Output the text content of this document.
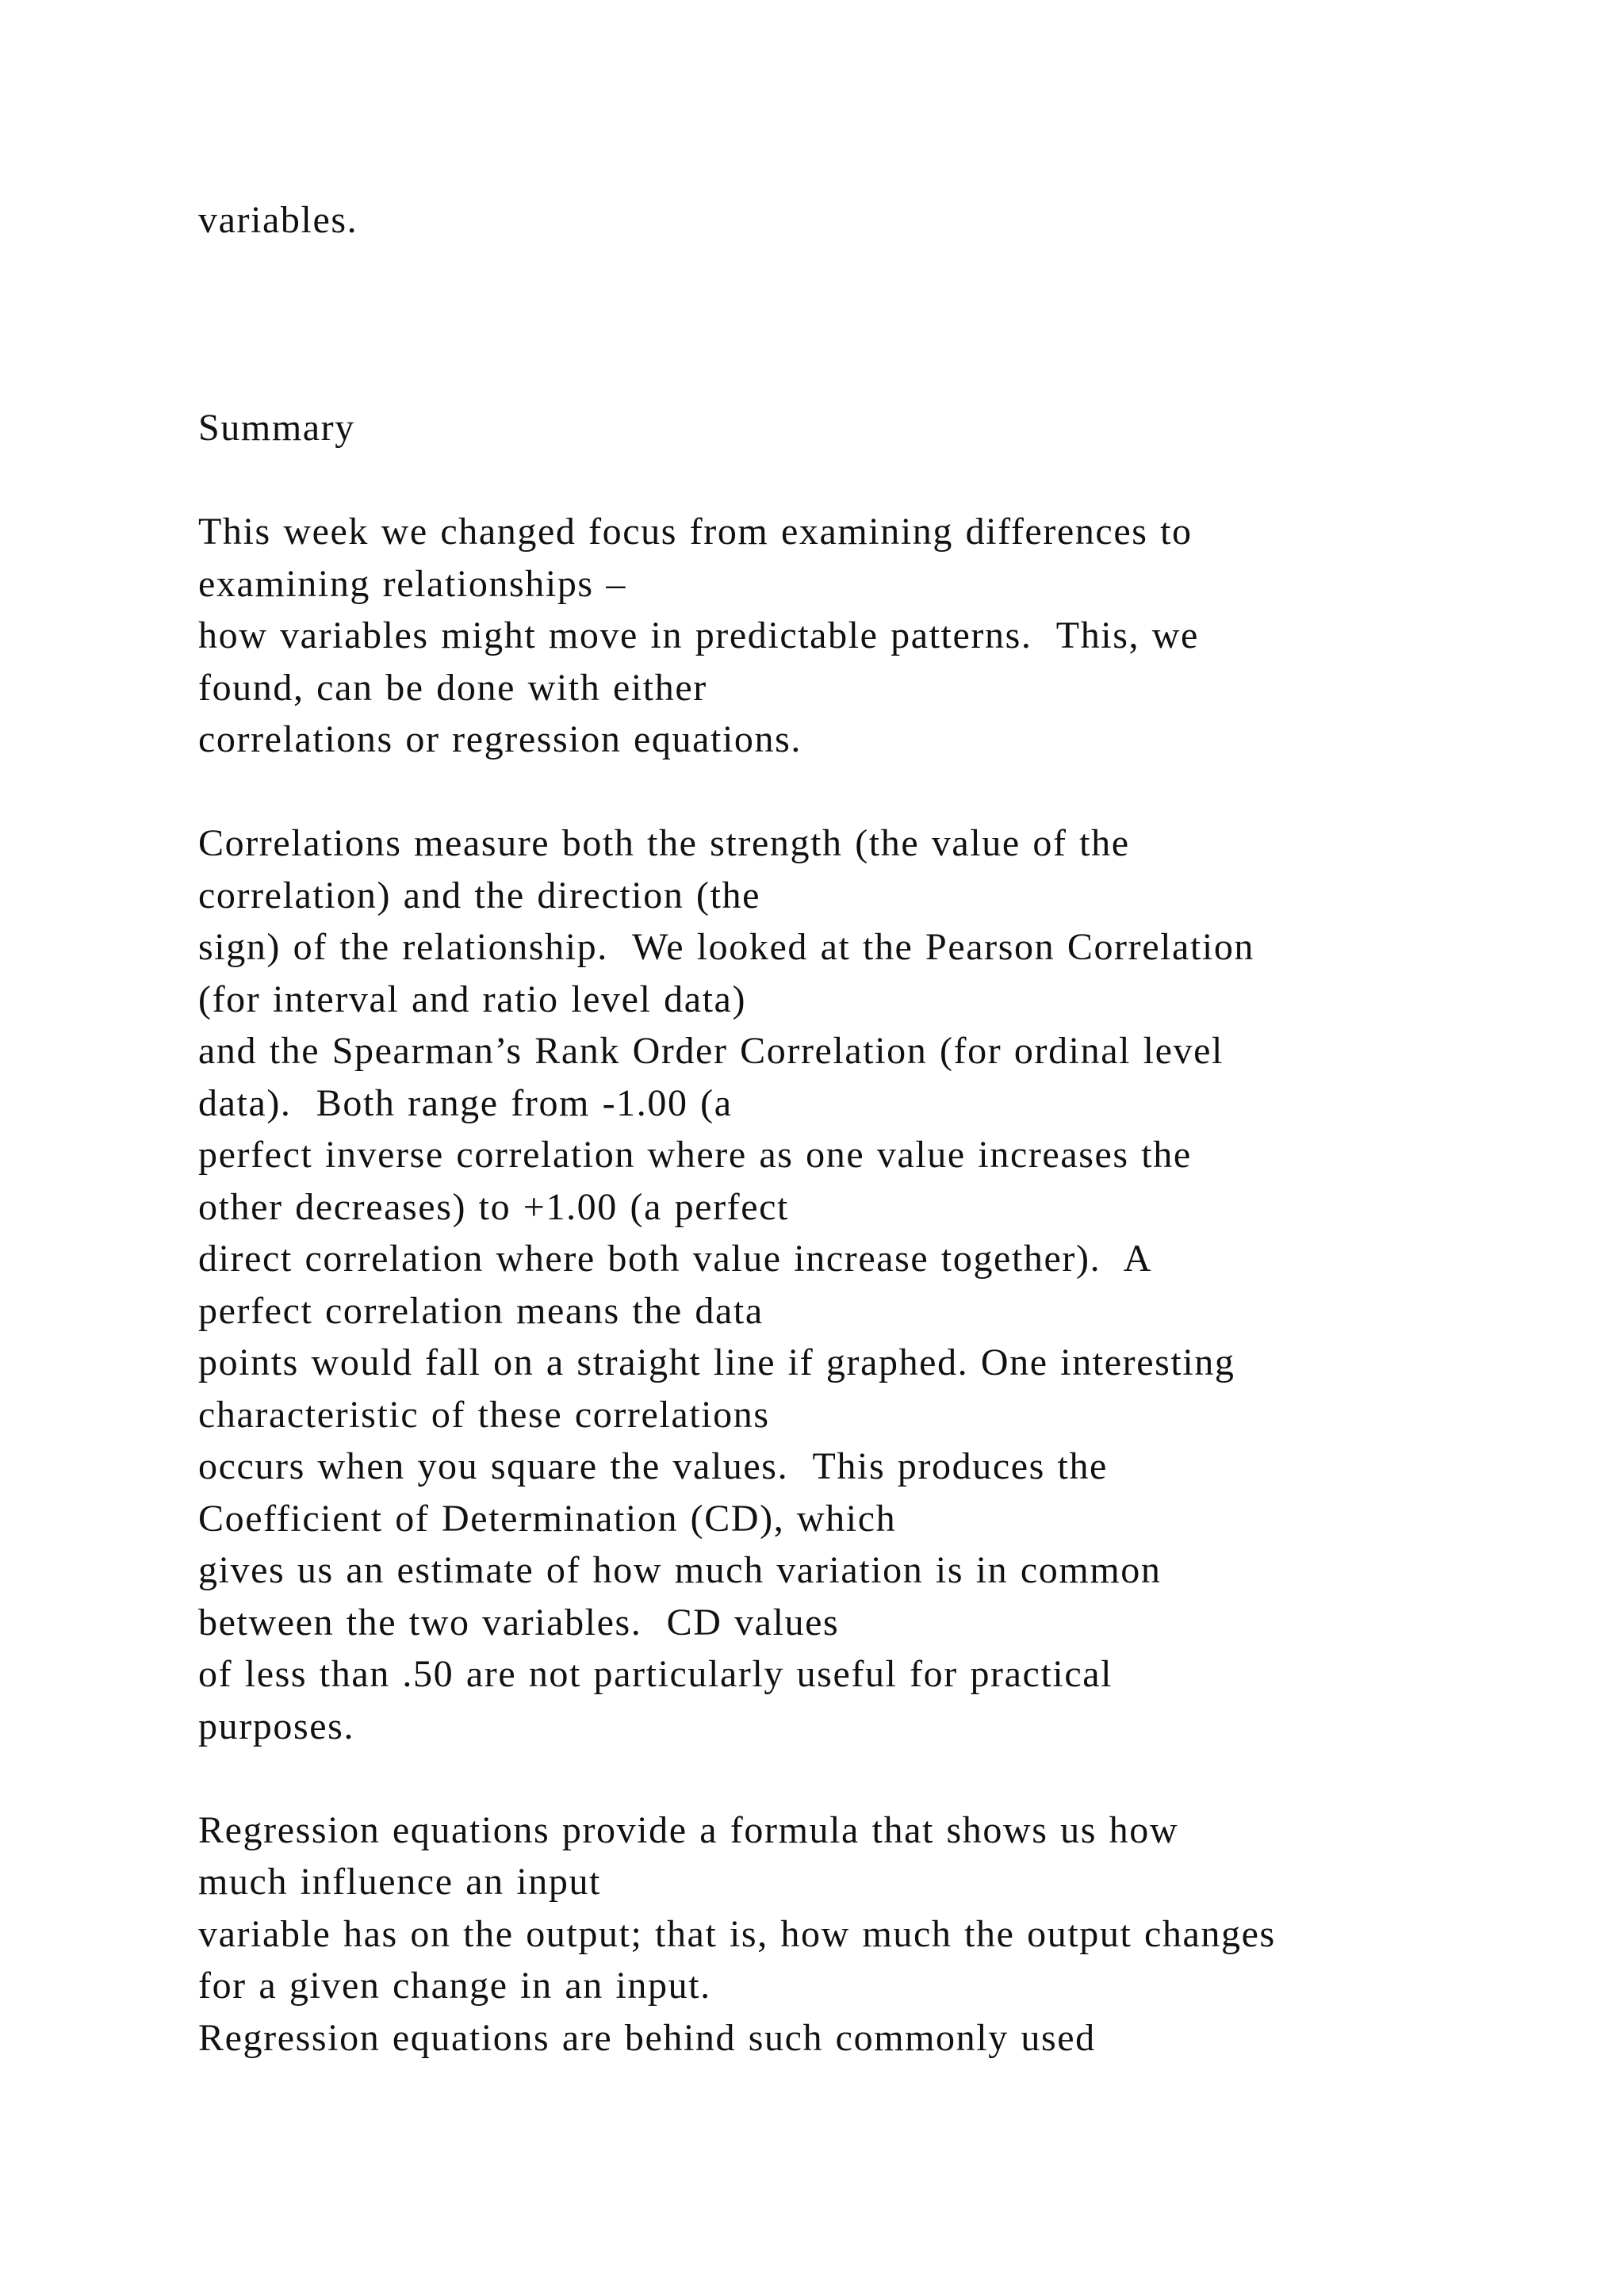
variables.
Summary
This week we changed focus from examining differences to
examining relationships –
how variables might move in predictable patterns.  This, we
found, can be done with either
correlations or regression equations.
Correlations measure both the strength (the value of the
correlation) and the direction (the
sign) of the relationship.  We looked at the Pearson Correlation
(for interval and ratio level data)
and the Spearman’s Rank Order Correlation (for ordinal level
data).  Both range from -1.00 (a
perfect inverse correlation where as one value increases the
other decreases) to +1.00 (a perfect
direct correlation where both value increase together).  A
perfect correlation means the data
points would fall on a straight line if graphed. One interesting
characteristic of these correlations
occurs when you square the values.  This produces the
Coefficient of Determination (CD), which
gives us an estimate of how much variation is in common
between the two variables.  CD values
of less than .50 are not particularly useful for practical
purposes.
Regression equations provide a formula that shows us how
much influence an input
variable has on the output; that is, how much the output changes
for a given change in an input.
Regression equations are behind such commonly used
